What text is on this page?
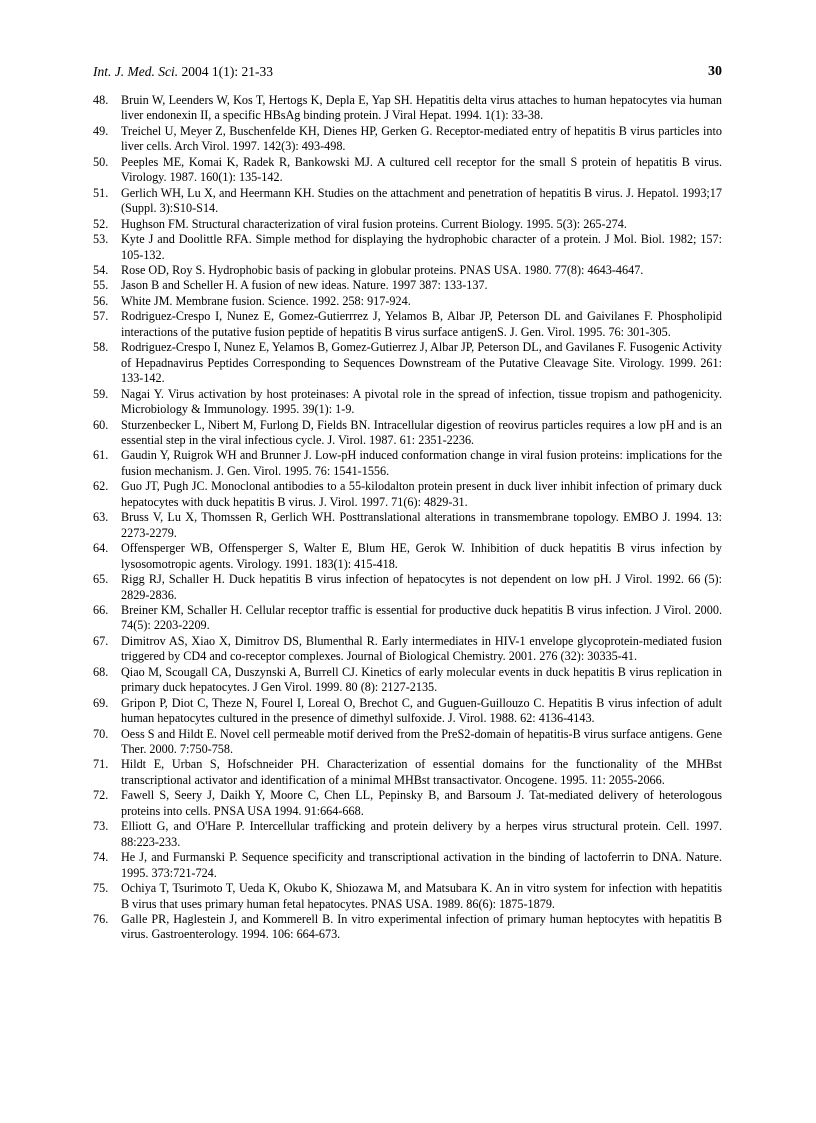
Int. J. Med. Sci. 2004 1(1): 21-33	30
48.	Bruin W, Leenders W, Kos T, Hertogs K, Depla E, Yap SH. Hepatitis delta virus attaches to human hepatocytes via human liver endonexin II, a specific HBsAg binding protein. J Viral Hepat. 1994. 1(1): 33-38.
49.	Treichel U, Meyer Z, Buschenfelde KH, Dienes HP, Gerken G. Receptor-mediated entry of hepatitis B virus particles into liver cells. Arch Virol. 1997. 142(3): 493-498.
50.	Peeples ME, Komai K, Radek R, Bankowski MJ. A cultured cell receptor for the small S protein of hepatitis B virus. Virology. 1987. 160(1): 135-142.
51.	Gerlich WH, Lu X, and Heermann KH. Studies on the attachment and penetration of hepatitis B virus. J. Hepatol. 1993;17 (Suppl. 3):S10-S14.
52.	Hughson FM. Structural characterization of viral fusion proteins. Current Biology. 1995. 5(3): 265-274.
53.	Kyte J and Doolittle RFA. Simple method for displaying the hydrophobic character of a protein. J Mol. Biol. 1982; 157: 105-132.
54.	Rose OD, Roy S. Hydrophobic basis of packing in globular proteins. PNAS USA. 1980. 77(8): 4643-4647.
55.	Jason B and Scheller H. A fusion of new ideas. Nature. 1997 387: 133-137.
56.	White JM. Membrane fusion. Science. 1992. 258: 917-924.
57.	Rodriguez-Crespo I, Nunez E, Gomez-Gutierrrez J, Yelamos B, Albar JP, Peterson DL and Gaivilanes F. Phospholipid interactions of the putative fusion peptide of hepatitis B virus surface antigenS. J. Gen. Virol. 1995. 76: 301-305.
58.	Rodriguez-Crespo I, Nunez E, Yelamos B, Gomez-Gutierrez J, Albar JP, Peterson DL, and Gavilanes F. Fusogenic Activity of Hepadnavirus Peptides Corresponding to Sequences Downstream of the Putative Cleavage Site. Virology. 1999. 261: 133-142.
59.	Nagai Y. Virus activation by host proteinases: A pivotal role in the spread of infection, tissue tropism and pathogenicity. Microbiology & Immunology. 1995. 39(1): 1-9.
60.	Sturzenbecker L, Nibert M, Furlong D, Fields BN. Intracellular digestion of reovirus particles requires a low pH and is an essential step in the viral infectious cycle. J. Virol. 1987. 61: 2351-2236.
61.	Gaudin Y, Ruigrok WH and Brunner J. Low-pH induced conformation change in viral fusion proteins: implications for the fusion mechanism. J. Gen. Virol. 1995. 76: 1541-1556.
62.	Guo JT, Pugh JC. Monoclonal antibodies to a 55-kilodalton protein present in duck liver inhibit infection of primary duck hepatocytes with duck hepatitis B virus. J. Virol. 1997. 71(6): 4829-31.
63.	Bruss V, Lu X, Thomssen R, Gerlich WH. Posttranslational alterations in transmembrane topology. EMBO J. 1994. 13: 2273-2279.
64.	Offensperger WB, Offensperger S, Walter E, Blum HE, Gerok W. Inhibition of duck hepatitis B virus infection by lysosomotropic agents. Virology. 1991. 183(1): 415-418.
65.	Rigg RJ, Schaller H. Duck hepatitis B virus infection of hepatocytes is not dependent on low pH. J Virol. 1992. 66 (5): 2829-2836.
66.	Breiner KM, Schaller H. Cellular receptor traffic is essential for productive duck hepatitis B virus infection. J Virol. 2000. 74(5): 2203-2209.
67.	Dimitrov AS, Xiao X, Dimitrov DS, Blumenthal R. Early intermediates in HIV-1 envelope glycoprotein-mediated fusion triggered by CD4 and co-receptor complexes. Journal of Biological Chemistry. 2001. 276 (32): 30335-41.
68.	Qiao M, Scougall CA, Duszynski A, Burrell CJ. Kinetics of early molecular events in duck hepatitis B virus replication in primary duck hepatocytes. J Gen Virol. 1999. 80 (8): 2127-2135.
69.	Gripon P, Diot C, Theze N, Fourel I, Loreal O, Brechot C, and Guguen-Guillouzo C. Hepatitis B virus infection of adult human hepatocytes cultured in the presence of dimethyl sulfoxide. J. Virol. 1988. 62: 4136-4143.
70.	Oess S and Hildt E. Novel cell permeable motif derived from the PreS2-domain of hepatitis-B virus surface antigens. Gene Ther. 2000. 7:750-758.
71.	Hildt E, Urban S, Hofschneider PH. Characterization of essential domains for the functionality of the MHBst transcriptional activator and identification of a minimal MHBst transactivator. Oncogene. 1995. 11: 2055-2066.
72.	Fawell S, Seery J, Daikh Y, Moore C, Chen LL, Pepinsky B, and Barsoum J. Tat-mediated delivery of heterologous proteins into cells. PNSA USA 1994. 91:664-668.
73.	Elliott G, and O'Hare P. Intercellular trafficking and protein delivery by a herpes virus structural protein. Cell. 1997. 88:223-233.
74.	He J, and Furmanski P. Sequence specificity and transcriptional activation in the binding of lactoferrin to DNA. Nature. 1995. 373:721-724.
75.	Ochiya T, Tsurimoto T, Ueda K, Okubo K, Shiozawa M, and Matsubara K. An in vitro system for infection with hepatitis B virus that uses primary human fetal hepatocytes. PNAS USA. 1989. 86(6): 1875-1879.
76.	Galle PR, Haglestein J, and Kommerell B. In vitro experimental infection of primary human heptocytes with hepatitis B virus. Gastroenterology. 1994. 106: 664-673.
